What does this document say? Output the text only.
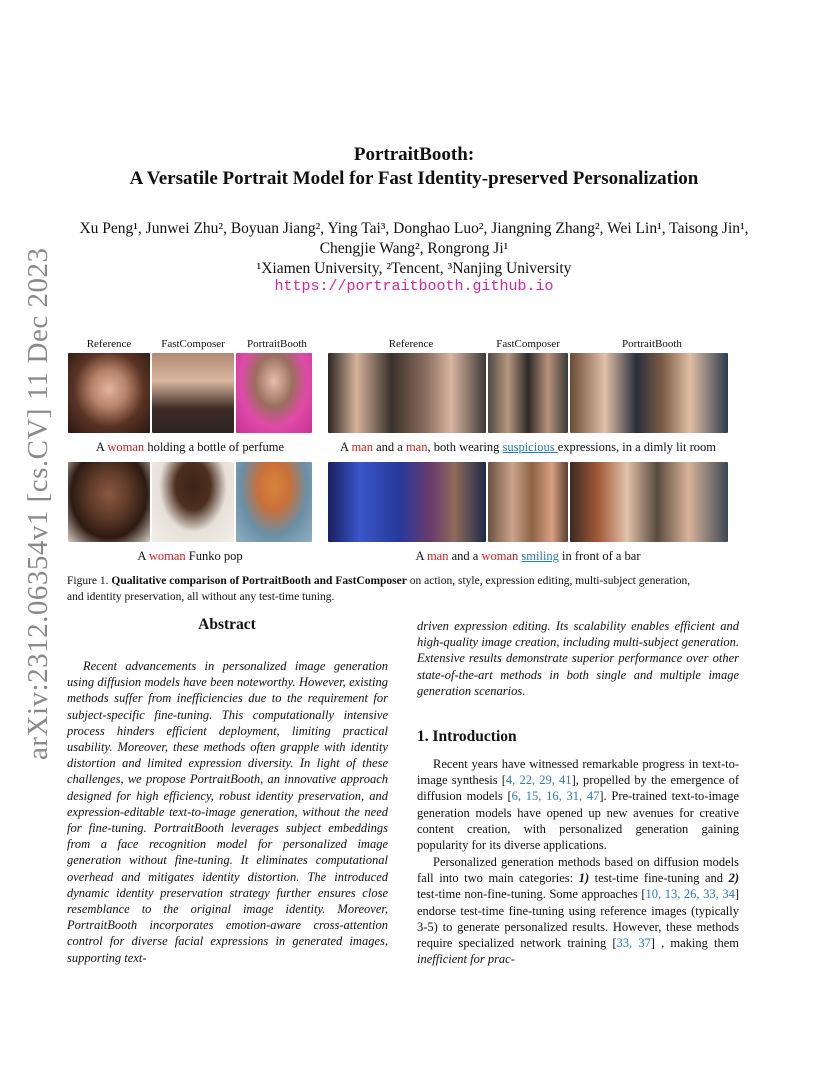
arXiv:2312.06354v1 [cs.CV] 11 Dec 2023
PortraitBooth:
A Versatile Portrait Model for Fast Identity-preserved Personalization
Xu Peng¹, Junwei Zhu², Boyuan Jiang², Ying Tai³, Donghao Luo², Jiangning Zhang², Wei Lin¹, Taisong Jin¹,
Chengjie Wang², Rongrong Ji¹
¹Xiamen University, ²Tencent, ³Nanjing University
https://portraitbooth.github.io
Reference	FastComposer	PortraitBooth	Reference	FastComposer	PortraitBooth
A woman holding a bottle of perfume	A man and a man, both wearing suspicious expressions, in a dimly lit room
A woman Funko pop	A man and a woman smiling in front of a bar
Figure 1. Qualitative comparison of PortraitBooth and FastComposer on action, style, expression editing, multi-subject generation,
and identity preservation, all without any test-time tuning.
Abstract
Recent advancements in personalized image generation using diffusion models have been noteworthy. However, existing methods suffer from inefficiencies due to the requirement for subject-specific fine-tuning. This computationally intensive process hinders efficient deployment, limiting practical usability. Moreover, these methods often grapple with identity distortion and limited expression diversity. In light of these challenges, we propose PortraitBooth, an innovative approach designed for high efficiency, robust identity preservation, and expression-editable text-to-image generation, without the need for fine-tuning. PortraitBooth leverages subject embeddings from a face recognition model for personalized image generation without fine-tuning. It eliminates computational overhead and mitigates identity distortion. The introduced dynamic identity preservation strategy further ensures close resemblance to the original image identity. Moreover, PortraitBooth incorporates emotion-aware cross-attention control for diverse facial expressions in generated images, supporting text-
driven expression editing. Its scalability enables efficient and high-quality image creation, including multi-subject generation. Extensive results demonstrate superior performance over other state-of-the-art methods in both single and multiple image generation scenarios.
1. Introduction
Recent years have witnessed remarkable progress in text-to-image synthesis [4, 22, 29, 41], propelled by the emergence of diffusion models [6, 15, 16, 31, 47]. Pre-trained text-to-image generation models have opened up new avenues for creative content creation, with personalized generation gaining popularity for its diverse applications.
Personalized generation methods based on diffusion models fall into two main categories: 1) test-time fine-tuning and 2) test-time non-fine-tuning. Some approaches [10, 13, 26, 33, 34] endorse test-time fine-tuning using reference images (typically 3-5) to generate personalized results. However, these methods require specialized network training [33, 37] , making them inefficient for prac-
